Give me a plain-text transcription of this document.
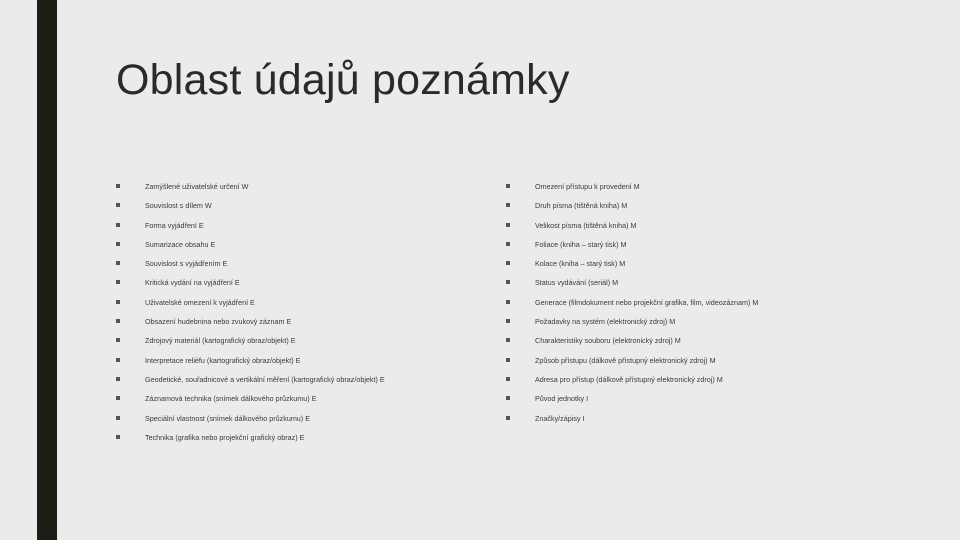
Oblast údajů poznámky
Zamýšlené uživatelské určení W
Souvislost s dílem W
Forma vyjádření E
Sumarizace obsahu E
Souvislost s vyjádřením E
Kritická vydání na vyjádření E
Uživatelské omezení k vyjádření E
Obsazení hudebnina nebo zvukový záznam E
Zdrojový materiál (kartografický obraz/objekt) E
Interpretace reliéfu (kartografický obraz/objekt) E
Geodetické, souřadnicové a vertikální měření (kartografický obraz/objekt) E
Záznamová technika (snímek dálkového průzkumu) E
Speciální vlastnost (snímek dálkového průzkumu) E
Technika (grafika nebo projekční grafický obraz) E
Omezení přístupu k provedení M
Druh písma (tištěná kniha) M
Velikost písma (tištěná kniha) M
Foliace (kniha – starý tisk) M
Kolace (kniha – starý tisk) M
Status vydávání (seriál) M
Generace (filmdokument nebo projekční grafika, film, videozáznam) M
Požadavky na systém (elektronický zdroj) M
Charakteristiky souboru (elektronický zdroj) M
Způsob přístupu (dálkově přístupný elektronický zdroj) M
Adresa pro přístup (dálkově přístupný elektronický zdroj) M
Původ jednotky I
Značky/zápisy I
